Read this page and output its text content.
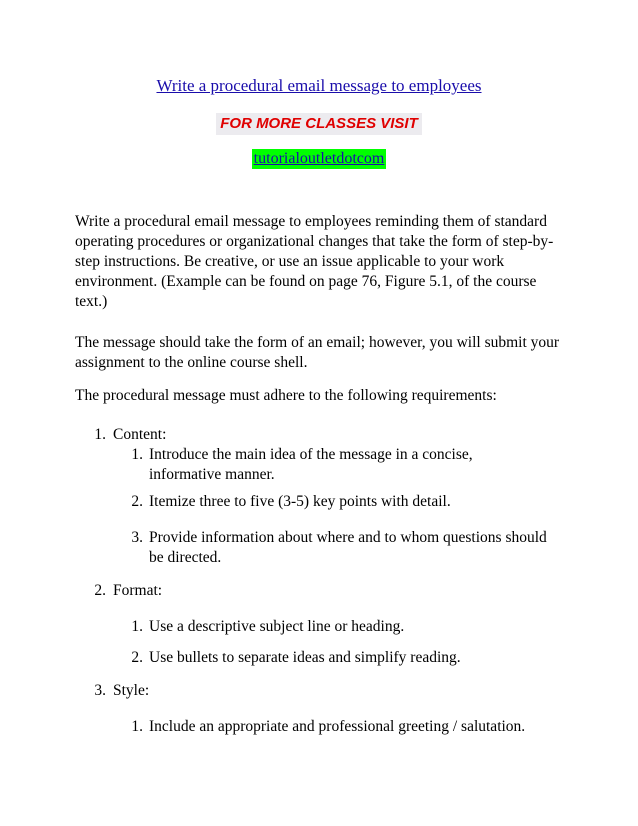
Write a procedural email message to employees
FOR MORE CLASSES VISIT
tutorialoutletdotcom
Write a procedural email message to employees reminding them of standard operating procedures or organizational changes that take the form of step-by-step instructions. Be creative, or use an issue applicable to your work environment. (Example can be found on page 76, Figure 5.1, of the course text.)
The message should take the form of an email; however, you will submit your assignment to the online course shell.
The procedural message must adhere to the following requirements:
1. Content:
1. Introduce the main idea of the message in a concise, informative manner.
2. Itemize three to five (3-5) key points with detail.
3. Provide information about where and to whom questions should be directed.
2. Format:
1. Use a descriptive subject line or heading.
2. Use bullets to separate ideas and simplify reading.
3. Style:
1. Include an appropriate and professional greeting / salutation.
